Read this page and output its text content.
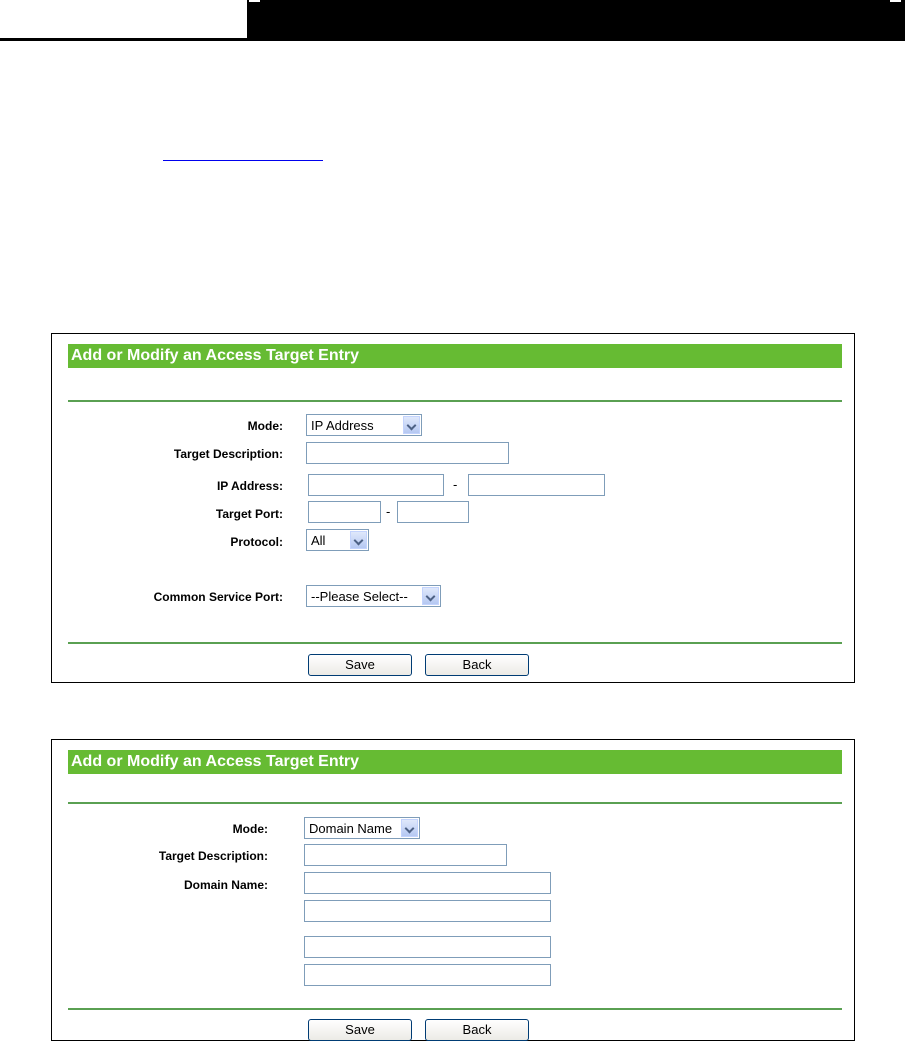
Add or Modify an Access Target Entry
Mode: IP Address
Target Description:
IP Address:	-
Target Port:	-
Protocol: All
Common Service Port: --Please Select--
Save	Back
Add or Modify an Access Target Entry
Mode:	Domain Name
Target Description:
Domain Name:
Save	Back
